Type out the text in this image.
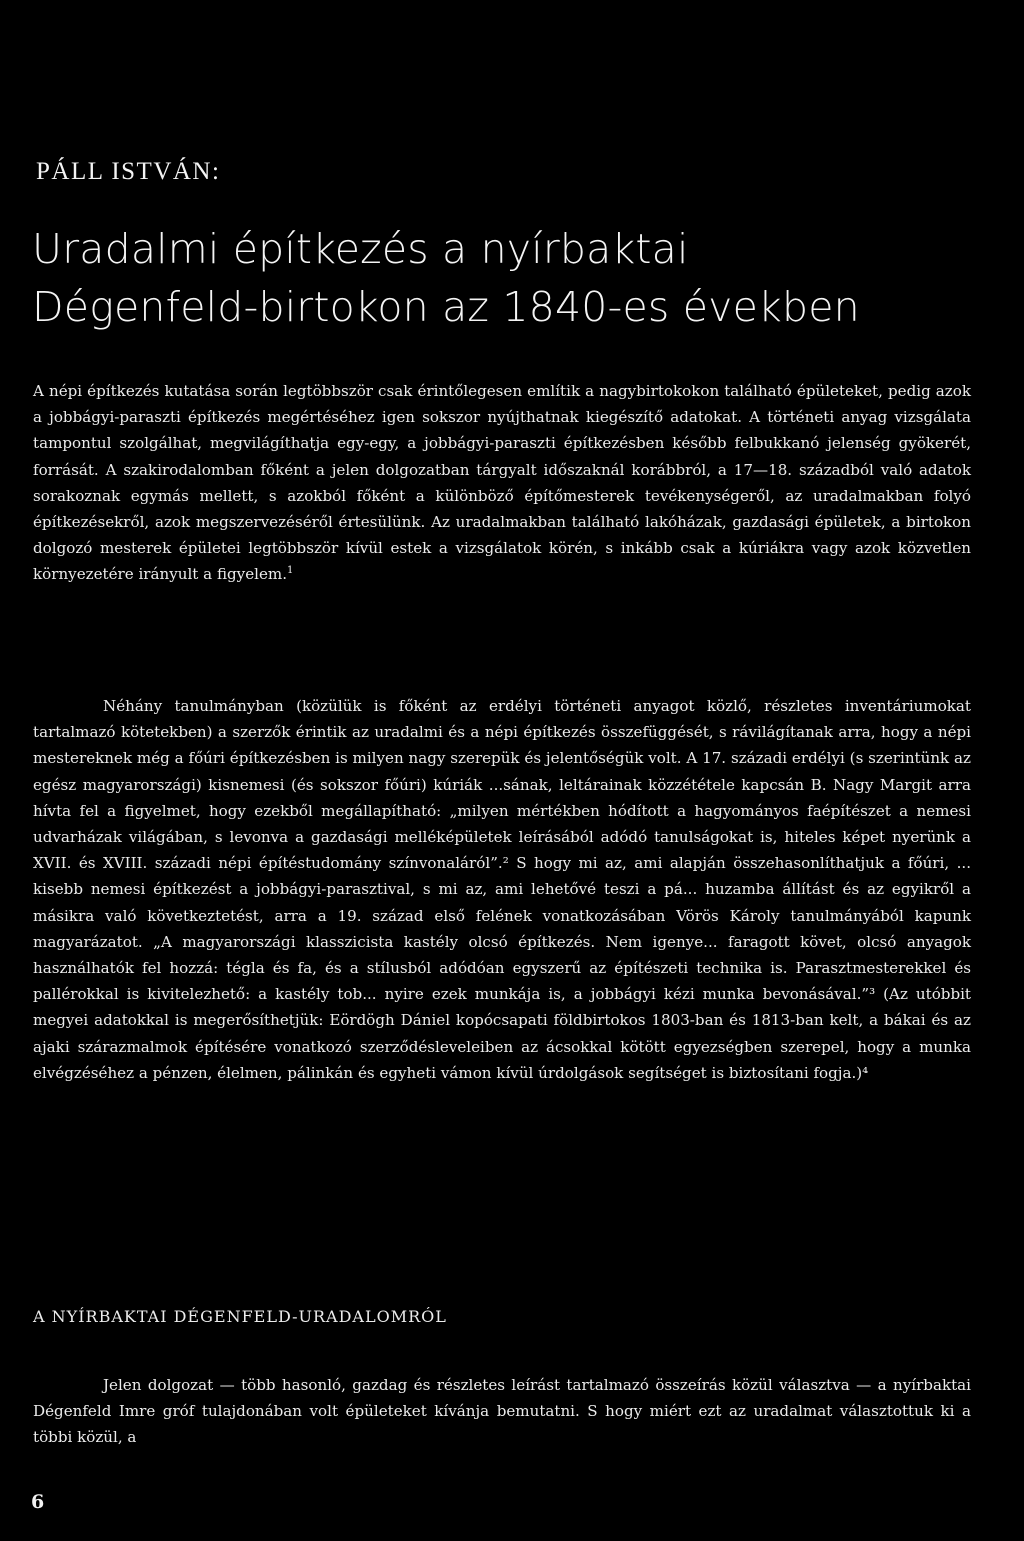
PÁLL ISTVÁN:
Uradalmi építkezés a nyírbaktai
Dégenfeld-birtokon az 1840-es években
A népi építkezés kutatása során legtöbbször csak érintőlegesen említik a nagybirtokokon található épületeket, pedig azok a jobbágyi-paraszti építkezés megértéséhez igen sokszor nyújthatnak kiegészítő adatokat. A történeti anyag vizsgálata tampontul szolgálhat, megvilágíthatja egy-egy, a jobbágyi-paraszti építkezésben később felbukkanó jelenség gyökerét, forrását. A szakirodalomban főként a jelen dolgozatban tárgyalt időszaknál korábbról, a 17—18. századból való adatok sorakoznak egymás mellett, s azokból főként a különböző építőmesterek tevékenységeről, az uradalmakban folyó építkezésekről, azok megszervezéséről értesülünk. Az uradalmakban található lakóházak, gazdasági épületek, a birtokon dolgozó mesterek épületei legtöbbször kívül estek a vizsgálatok körén, s inkább csak a kúriákra vagy azok közvetlen környezetére irányult a figyelem.$^1$
Néhány tanulmányban (közülük is főként az erdélyi történeti anyagot közlő, részletes inventáriumokat tartalmazó kötetekben) a szerzők érintik az uradalmi és a népi építkezés összefüggését, s rávilágítanak arra, hogy a népi mestereknek még a főúri építkezésben is milyen nagy szerepük és jelentőségük volt. A 17. századi erdélyi (s szerintünk az egész magyarországi) kisnemesi (és sokszor főúri) kúriák ...sának, leltárainak közzététele kapcsán B. Nagy Margit arra hívta fel a figyelmet, hogy ezekből megállapítható: „milyen mértékben hódított a hagyományos faépítészet a nemesi udvarházak világában, s levonva a gazdasági melléképületek leírásából adódó tanulságokat is, hiteles képet nyerünk a XVII. és XVIII. századi népi építéstudomány színvonaláról”.² S hogy mi az, ami alapján összehasonlíthatjuk a főúri, ... kisebb nemesi építkezést a jobbágyi-parasztival, s mi az, ami lehetővé teszi a pá... huzamba állítást és az egyikről a másikra való következtetést, arra a 19. század első felének vonatkozásában Vörös Károly tanulmányából kapunk magyarázatot. „A magyarországi klasszicista kastély olcsó építkezés. Nem igenye... faragott követ, olcsó anyagok használhatók fel hozzá: tégla és fa, és a stílusból adódóan egyszerű az építészeti technika is. Parasztmesterekkel és pallérokkal is kivitelezhető: a kastély tob... nyire ezek munkája is, a jobbágyi kézi munka bevonásával.”³ (Az utóbbit megyei adatokkal is megerősíthetjük: Eördögh Dániel kopócsapati földbirtokos 1803-ban és 1813-ban kelt, a bákai és az ajaki szárazmalmok építésére vonatkozó szerződésleveleiben az ácsokkal kötött egyezségben szerepel, hogy a munka elvégzéséhez a pénzen, élelmen, pálinkán és egyheti vámon kívül úrdolgások segítséget is biztosítani fogja.)⁴
A NYÍRBAKTAI DÉGENFELD-URADALOMRÓL
Jelen dolgozat — több hasonló, gazdag és részletes leírást tartalmazó összeírás közül választva — a nyírbaktai Dégenfeld Imre gróf tulajdonában volt épületeket kívánja bemutatni. S hogy miért ezt az uradalmat választottuk ki a többi közül, a
6
